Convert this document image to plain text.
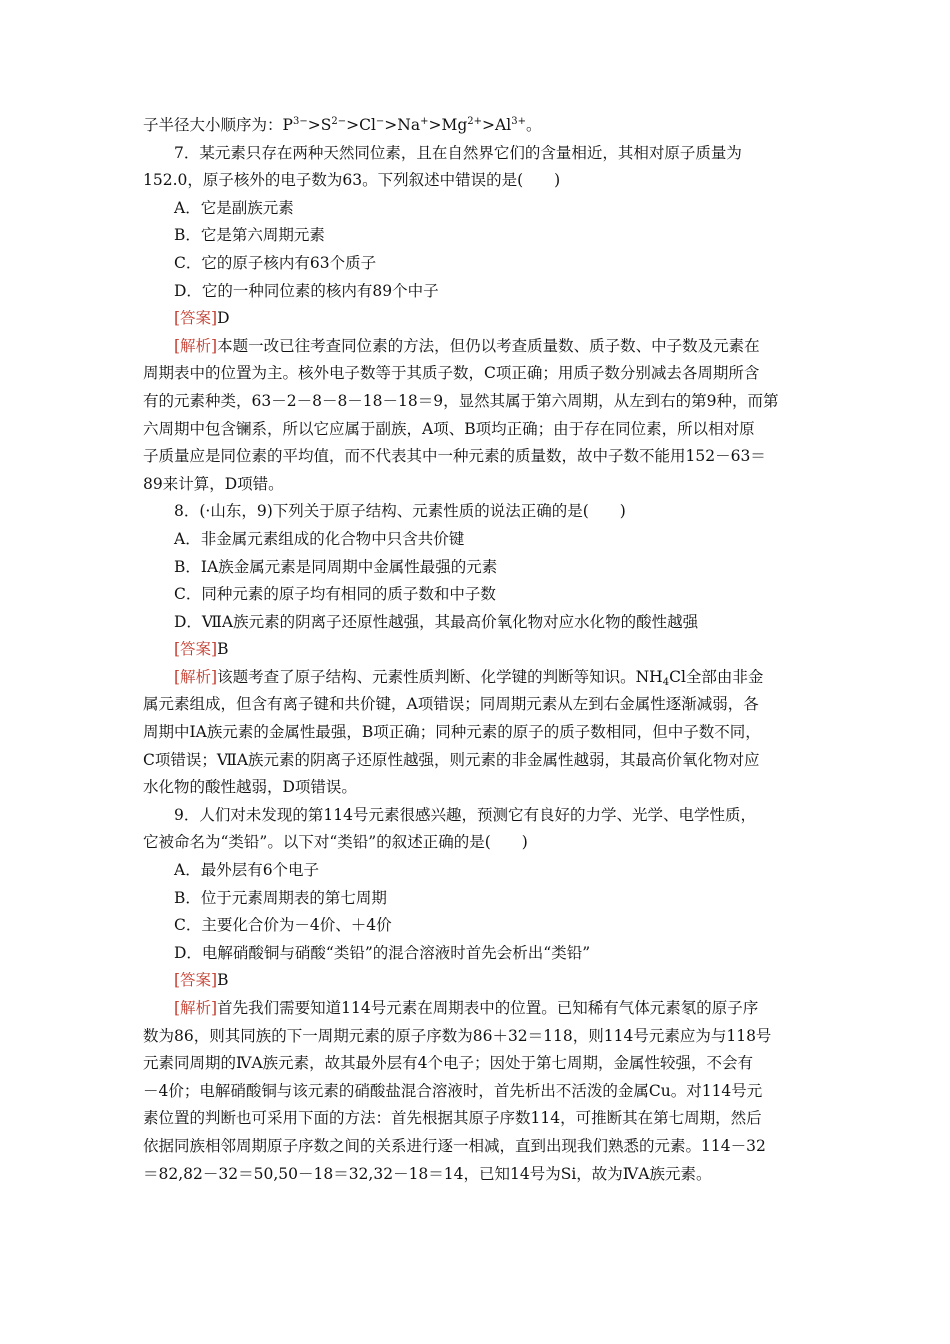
子半径大小顺序为：$P^{3-}>S^{2-}>Cl^->Na^+>Mg^{2+}>Al^{3+}$。
7．某元素只存在两种天然同位素，且在自然界它们的含量相近，其相对原子质量为
152.0，原子核外的电子数为63。下列叙述中错误的是(　　)
A．它是副族元素
B．它是第六周期元素
C．它的原子核内有63个质子
D．它的一种同位素的核内有89个中子
[答案]D
[解析]本题一改已往考查同位素的方法，但仍以考查质量数、质子数、中子数及元素在
周期表中的位置为主。核外电子数等于其质子数，C项正确；用质子数分别减去各周期所含
有的元素种类，63－2－8－8－18－18＝9，显然其属于第六周期，从左到右的第9种，而第
六周期中包含镧系，所以它应属于副族，A项、B项均正确；由于存在同位素，所以相对原
子质量应是同位素的平均值，而不代表其中一种元素的质量数，故中子数不能用152－63＝
89来计算，D项错。
8．(·山东，9)下列关于原子结构、元素性质的说法正确的是(　　)
A．非金属元素组成的化合物中只含共价键
B．ⅠA族金属元素是同周期中金属性最强的元素
C．同种元素的原子均有相同的质子数和中子数
D．ⅦA族元素的阴离子还原性越强，其最高价氧化物对应水化物的酸性越强
[答案]B
[解析]该题考查了原子结构、元素性质判断、化学键的判断等知识。$NH_4Cl$全部由非金
属元素组成，但含有离子键和共价键，A项错误；同周期元素从左到右金属性逐渐减弱，各
周期中ⅠA族元素的金属性最强，B项正确；同种元素的原子的质子数相同，但中子数不同，
C项错误；ⅦA族元素的阴离子还原性越强，则元素的非金属性越弱，其最高价氧化物对应
水化物的酸性越弱，D项错误。
9．人们对未发现的第114号元素很感兴趣，预测它有良好的力学、光学、电学性质，
它被命名为“类铅”。以下对“类铅”的叙述正确的是(　　)
A．最外层有6个电子
B．位于元素周期表的第七周期
C．主要化合价为－4价、＋4价
D．电解硝酸铜与硝酸“类铅”的混合溶液时首先会析出“类铅”
[答案]B
[解析]首先我们需要知道114号元素在周期表中的位置。已知稀有气体元素氡的原子序
数为86，则其同族的下一周期元素的原子序数为86＋32＝118，则114号元素应为与118号
元素同周期的ⅣA族元素，故其最外层有4个电子；因处于第七周期，金属性较强，不会有
－4价；电解硝酸铜与该元素的硝酸盐混合溶液时，首先析出不活泼的金属Cu。对114号元
素位置的判断也可采用下面的方法：首先根据其原子序数114，可推断其在第七周期，然后
依据同族相邻周期原子序数之间的关系进行逐一相减，直到出现我们熟悉的元素。114－32
＝82,82－32＝50,50－18＝32,32－18＝14，已知14号为Si，故为ⅣA族元素。
